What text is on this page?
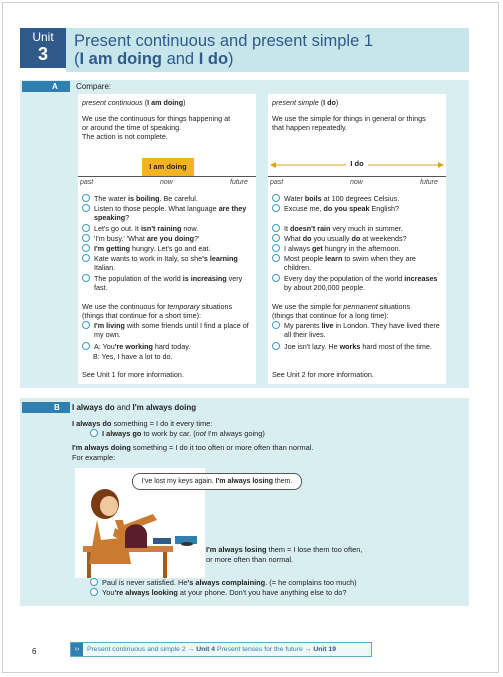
Unit
3
Present continuous and present simple 1
(I am doing and I do)
A Compare:
present continuous (I am doing)
We use the continuous for things happening at
or around the time of speaking.
The action is not complete.
I am doing
past	now	future
The water is boiling. Be careful.
Listen to those people. What language are they speaking?
Let's go out. It isn't raining now.
'I'm busy.' 'What are you doing?'
I'm getting hungry. Let's go and eat.
Kate wants to work in Italy, so she's learning Italian.
The population of the world is increasing very fast.
We use the continuous for temporary situations
(things that continue for a short time):
I'm living with some friends until I find a place of my own.
A: You're working hard today.
B: Yes, I have a lot to do.
See Unit 1 for more information.
present simple (I do)
We use the simple for things in general or things
that happen repeatedly.
I do
past	now	future
Water boils at 100 degrees Celsius.
Excuse me, do you speak English?
It doesn't rain very much in summer.
What do you usually do at weekends?
I always get hungry in the afternoon.
Most people learn to swim when they are children.
Every day the population of the world increases by about 200,000 people.
We use the simple for permanent situations
(things that continue for a long time):
My parents live in London. They have lived there all their lives.
Joe isn't lazy. He works hard most of the time.
See Unit 2 for more information.
B I always do and I'm always doing
I always do something = I do it every time:
I always go to work by car. (not I'm always going)
I'm always doing something = I do it too often or more often than normal.
For example:
I've lost my keys again. I'm always losing them.
I'm always losing them = I lose them too often,
or more often than normal.
Paul is never satisfied. He's always complaining. (= he complains too much)
You're always looking at your phone. Don't you have anything else to do?
6	››	Present continuous and simple 2 → Unit 4 Present tenses for the future → Unit 19
